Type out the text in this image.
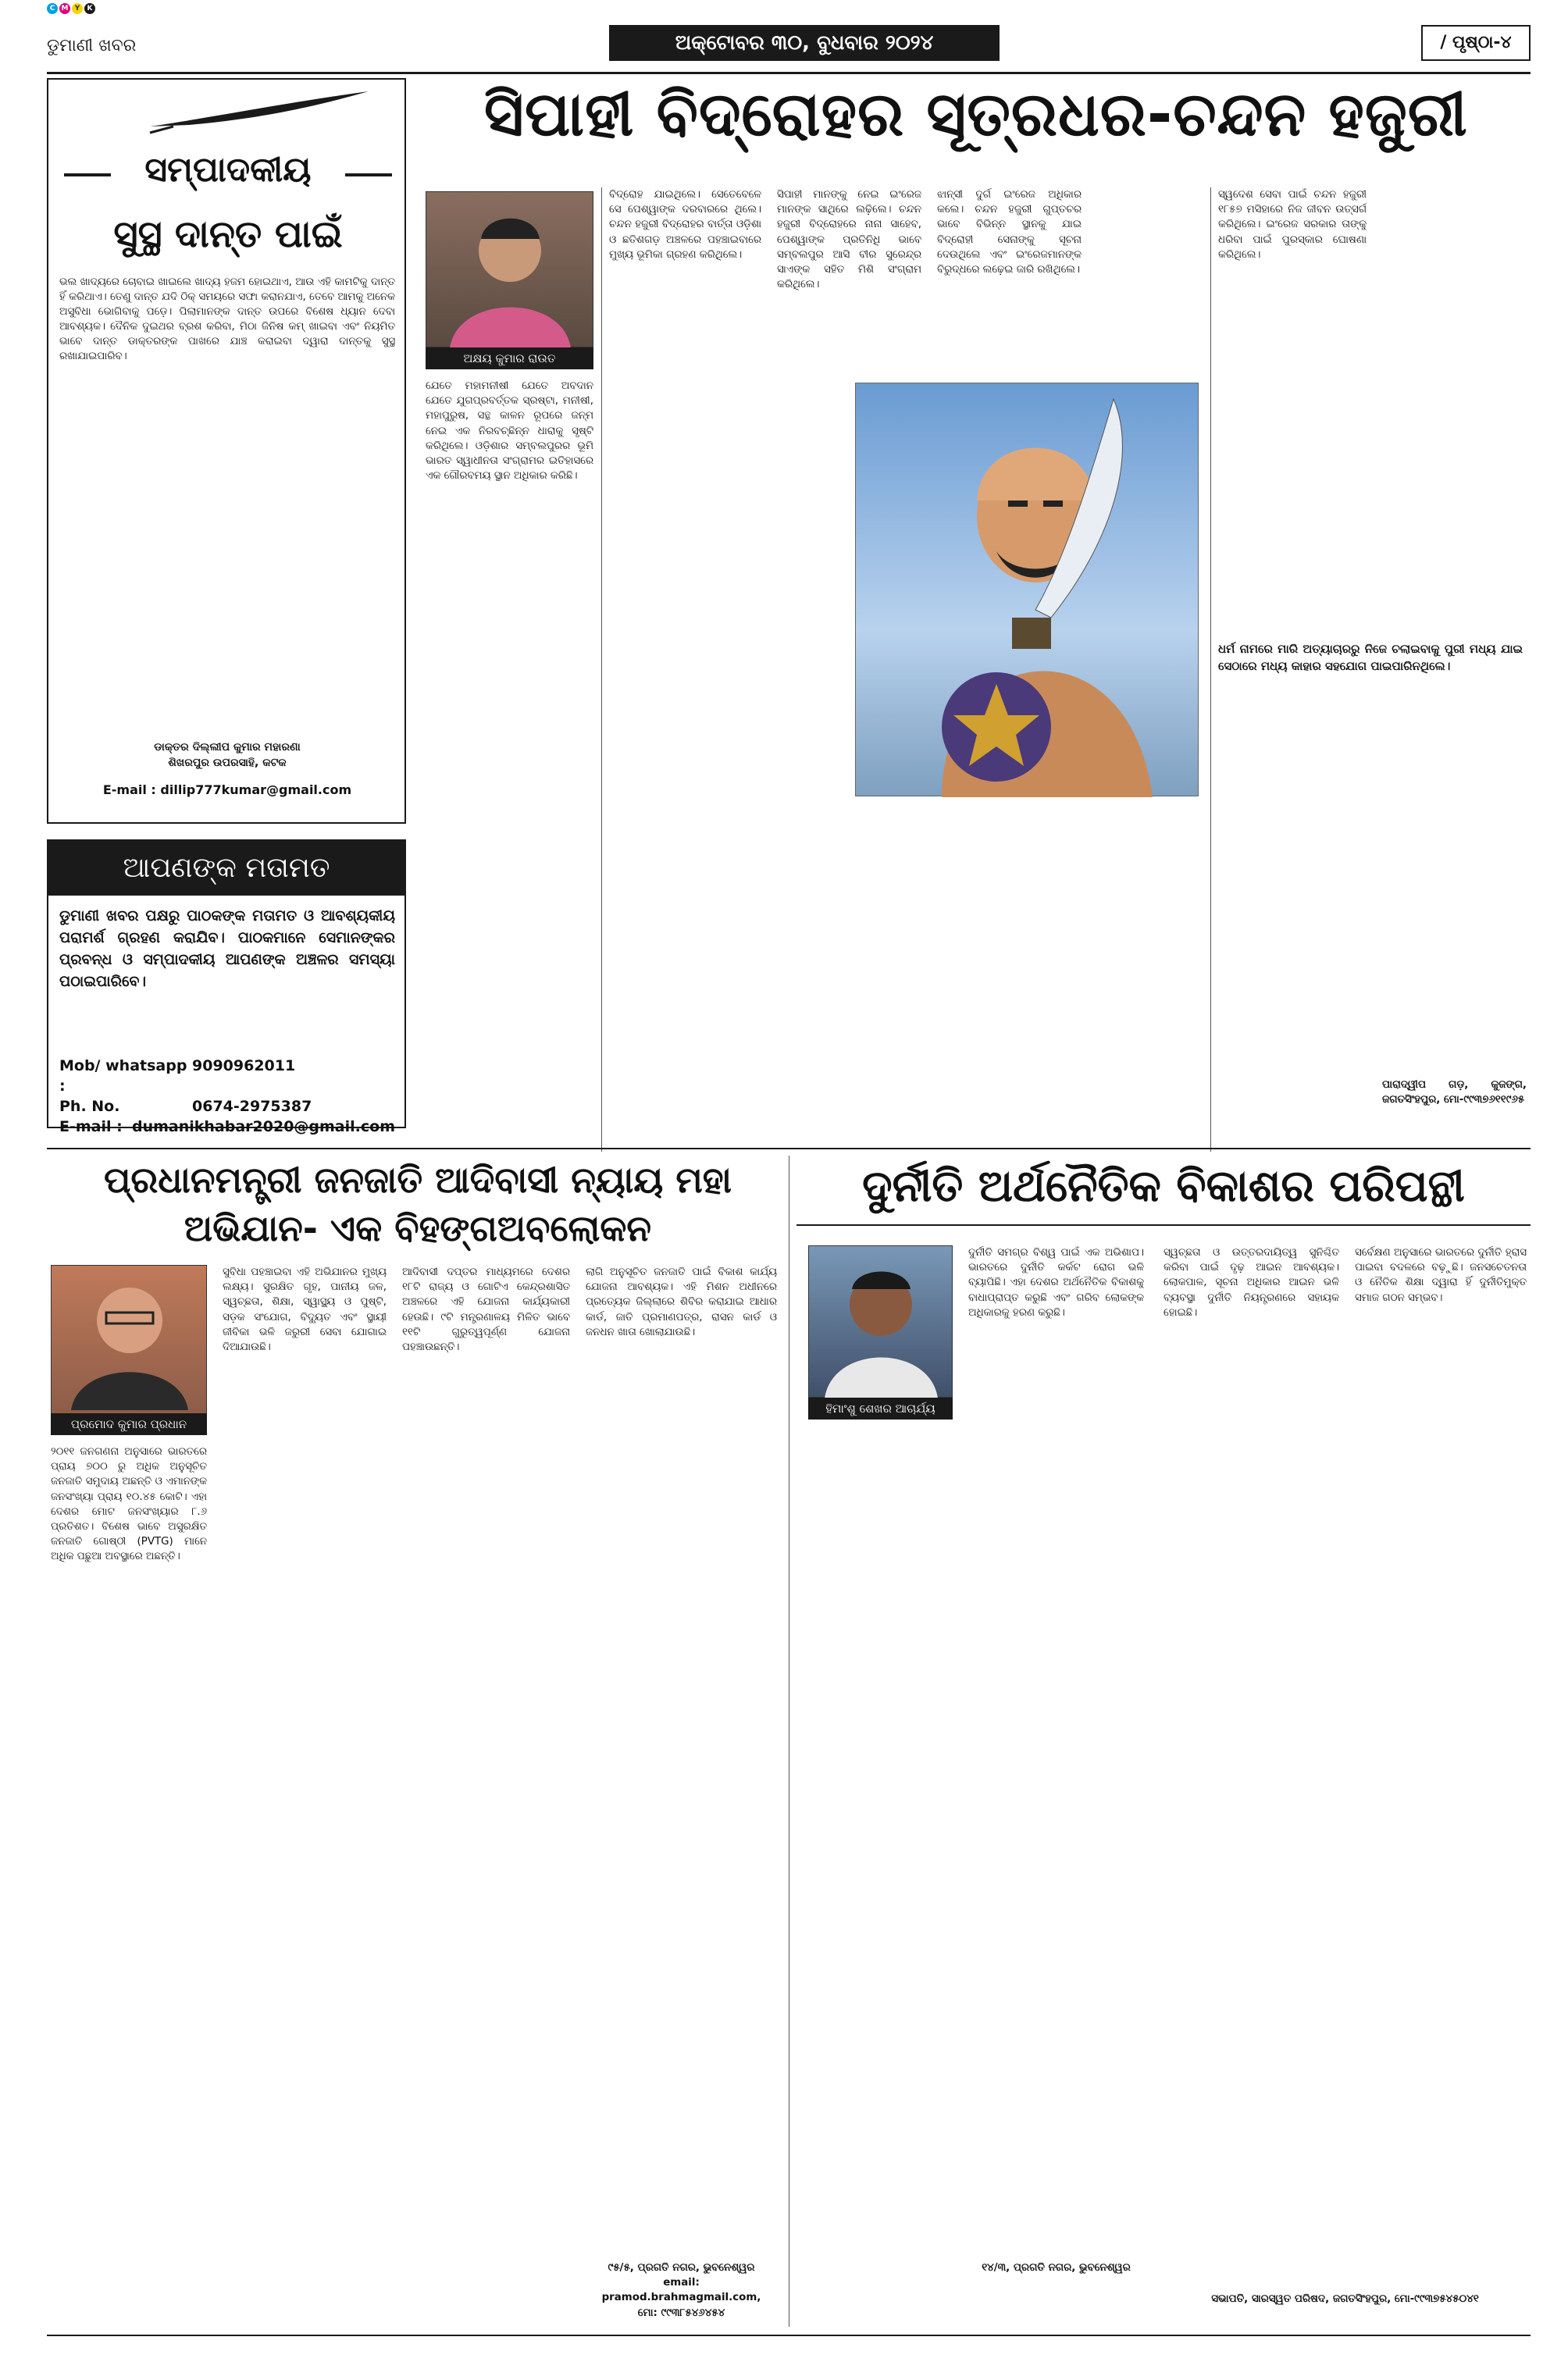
C M Y	K
ଡୁମାଣୀ ଖବର	ଅକ୍ଟୋବର ୩୦, ବୁଧବାର ୨୦୨୪	/ ପୃଷ୍ଠା-୪
ସମ୍ପାଦକୀୟ
ସୁସ୍ଥ ଦାନ୍ତ ପାଇଁ
ଭଲ ଖାଦ୍ୟରେ ଚୋବାଇ ଖାଇଲେ ଖାଦ୍ୟ ହଜମ ହୋଇଥାଏ, ଆଉ ଏହି କାମଟିକୁ ଦାନ୍ତ ହିଁ କରିଥାଏ। ତେଣୁ ଦାନ୍ତ ଯଦି ଠିକ୍ ସମୟରେ ସଫା କରାନଯାଏ, ତେବେ ଆମକୁ ଅନେକ ଅସୁବିଧା ଭୋଗିବାକୁ ପଡ଼େ। ପିଲାମାନଙ୍କ ଦାନ୍ତ ଉପରେ ବିଶେଷ ଧ୍ୟାନ ଦେବା ଆବଶ୍ୟକ। ଦୈନିକ ଦୁଇଥର ବ୍ରଶ କରିବା, ମିଠା ଜିନିଷ କମ୍ ଖାଇବା ଏବଂ ନିୟମିତ ଭାବେ ଦାନ୍ତ ଡାକ୍ତରଙ୍କ ପାଖରେ ଯାଞ୍ଚ କରାଇବା ଦ୍ୱାରା ଦାନ୍ତକୁ ସୁସ୍ଥ ରଖାଯାଇପାରିବ।
ଡାକ୍ତର ଦିଲ୍ଲୀପ କୁମାର ମହାରଣା
ଶିଖରପୁର ଉପରସାହି, କଟକ
E-mail : dillip777kumar@gmail.com
ଆପଣଙ୍କ ମତାମତ
ଡୁମାଣୀ ଖବର ପକ୍ଷରୁ ପାଠକଙ୍କ ମତାମତ ଓ ଆବଶ୍ୟକୀୟ ପରାମର୍ଶ ଗ୍ରହଣ କରାଯିବ। ପାଠକମାନେ ସେମାନଙ୍କର ପ୍ରବନ୍ଧ ଓ ସମ୍ପାଦକୀୟ ଆପଣଙ୍କ ଅଞ୍ଚଳର ସମସ୍ୟା ପଠାଇପାରିବେ।
Mob/ whatsapp :
9090962011
Ph. No.	0674-2975387
E-mail : dumanikhabar2020@gmail.com
ସିପାହୀ ବିଦ୍ରୋହର ସୂତ୍ରଧର-ଚନ୍ଦନ ହଜୁରୀ
ଅକ୍ଷୟ କୁମାର ରାଉତ
ଯେତେ ମହାମନୀଷୀ ଯେତେ ଅବଦାନ ଯେତେ ଯୁଗପ୍ରବର୍ତ୍ତକ ସ୍ରଷ୍ଟା, ମନୀଷୀ, ମହାପୁରୁଷ, ସନ୍ଥ କାଳନ ରୂପରେ ଜନ୍ମ ନେଇ ଏକ ନିରବଚ୍ଛିନ୍ନ ଧାରାକୁ ସୃଷ୍ଟି କରିଥିଲେ। ଓଡ଼ିଶାର ସମ୍ବଲପୁରର ଭୂମି ଭାରତ ସ୍ୱାଧୀନତା ସଂଗ୍ରାମର ଇତିହାସରେ ଏକ ଗୌରବମୟ ସ୍ଥାନ ଅଧିକାର କରିଛି।
ବିଦ୍ରୋହ ଯାଇଥିଲେ। ସେତେବେଳେ ସେ ପେଶ୍ୱାଙ୍କ ଦରବାରରେ ଥିଲେ। ଚନ୍ଦନ ହଜୁରୀ ବିଦ୍ରୋହର ବାର୍ତ୍ତା ଓଡ଼ିଶା ଓ ଛତିଶଗଡ଼ ଅଞ୍ଚଳରେ ପହଞ୍ଚାଇବାରେ ମୁଖ୍ୟ ଭୂମିକା ଗ୍ରହଣ କରିଥିଲେ।
ସିପାହୀ ମାନଙ୍କୁ ନେଇ ଇଂରେଜ ମାନଙ୍କ ସାଥିରେ ଲଢ଼ିଲେ। ଚନ୍ଦନ ହଜୁରୀ ବିଦ୍ରୋହରେ ନାନା ସାହେବ, ପେଶ୍ୱାଙ୍କ ପ୍ରତିନିଧି ଭାବେ ସମ୍ବଲପୁର ଆସି ବୀର ସୁରେନ୍ଦ୍ର ସାଏଙ୍କ ସହିତ ମିଶି ସଂଗ୍ରାମ କରିଥିଲେ।
ଝାନ୍‌ସୀ ଦୁର୍ଗ ଇଂରେଜ ଅଧିକାର କଲେ। ଚନ୍ଦନ ହଜୁରୀ ଗୁପ୍ତଚର ଭାବେ ବିଭିନ୍ନ ସ୍ଥାନକୁ ଯାଇ ବିଦ୍ରୋହୀ ସେନାଙ୍କୁ ସୂଚନା ଦେଉଥିଲେ ଏବଂ ଇଂରେଜମାନଙ୍କ ବିରୁଦ୍ଧରେ ଲଢ଼େଇ ଜାରି ରଖିଥିଲେ।
ସ୍ୱଦେଶ ସେବା ପାଇଁ ଚନ୍ଦନ ହଜୁରୀ ୧୮୫୭ ମସିହାରେ ନିଜ ଜୀବନ ଉତ୍ସର୍ଗ କରିଥିଲେ। ଇଂରେଜ ସରକାର ତାଙ୍କୁ ଧରିବା ପାଇଁ ପୁରସ୍କାର ଘୋଷଣା କରିଥିଲେ।
ପାରାଦ୍ୱୀପ ଗଡ଼, କୁଜଙ୍ଗ, ଜଗତସିଂହପୁର, ମୋ-୯୯୩୭୬୧୧୯୬୫
ଧର୍ମ ନାମରେ ମାରି ଅତ୍ୟାଚାରରୁ ନିଜେ ଚଲାଇବାକୁ ପୁରୀ ମଧ୍ୟ ଯାଇ ସେଠାରେ ମଧ୍ୟ କାହାର ସହଯୋଗ ପାଇପାରିନଥିଲେ।
ପ୍ରଧାନମନ୍ତ୍ରୀ ଜନଜାତି ଆଦିବାସୀ ନ୍ୟାୟ ମହା ଅଭିଯାନ- ଏକ ବିହଙ୍ଗଅବଲୋକନ
ପ୍ରମୋଦ କୁମାର ପ୍ରଧାନ
୨୦୧୧ ଜନଗଣନା ଅନୁସାରେ ଭାରତରେ ପ୍ରାୟ ୭୦୦ ରୁ ଅଧିକ ଅନୁସୂଚିତ ଜନଜାତି ସମୁଦାୟ ଅଛନ୍ତି ଓ ଏମାନଙ୍କ ଜନସଂଖ୍ୟା ପ୍ରାୟ ୧୦.୪୫ କୋଟି। ଏହା ଦେଶର ମୋଟ ଜନସଂଖ୍ୟାର ୮.୬ ପ୍ରତିଶତ। ବିଶେଷ ଭାବେ ଅସୁରକ୍ଷିତ ଜନଜାତି ଗୋଷ୍ଠୀ (PVTG) ମାନେ ଅଧିକ ପଛୁଆ ଅବସ୍ଥାରେ ଅଛନ୍ତି।
ସୁବିଧା ପହଞ୍ଚାଇବା ଏହି ଅଭିଯାନର ମୁଖ୍ୟ ଲକ୍ଷ୍ୟ। ସୁରକ୍ଷିତ ଗୃହ, ପାନୀୟ ଜଳ, ସ୍ୱଚ୍ଛତା, ଶିକ୍ଷା, ସ୍ୱାସ୍ଥ୍ୟ ଓ ପୁଷ୍ଟି, ସଡ଼କ ସଂଯୋଗ, ବିଦ୍ୟୁତ ଏବଂ ସ୍ଥାୟୀ ଜୀବିକା ଭଳି ଜରୁରୀ ସେବା ଯୋଗାଇ ଦିଆଯାଉଛି।
ଆଦିବାସୀ ଦପ୍ତର ମାଧ୍ୟମରେ ଦେଶର ୧୮ଟି ରାଜ୍ୟ ଓ ଗୋଟିଏ କେନ୍ଦ୍ରଶାସିତ ଅଞ୍ଚଳରେ ଏହି ଯୋଜନା କାର୍ଯ୍ୟକାରୀ ହେଉଛି। ୯ଟି ମନ୍ତ୍ରଣାଳୟ ମିଳିତ ଭାବେ ୧୧ଟି ଗୁରୁତ୍ୱପୂର୍ଣ୍ଣ ଯୋଜନା ପହଞ୍ଚାଉଛନ୍ତି।
ଲାଗି ଅନୁସୂଚିତ ଜନଜାତି ପାଇଁ ବିକାଶ କାର୍ଯ୍ୟ ଯୋଜନା ଆବଶ୍ୟକ। ଏହି ମିଶନ ଅଧୀନରେ ପ୍ରତ୍ୟେକ ଜିଲ୍ଲାରେ ଶିବିର କରାଯାଇ ଆଧାର କାର୍ଡ, ଜାତି ପ୍ରମାଣପତ୍ର, ରାସନ କାର୍ଡ ଓ ଜନଧନ ଖାତା ଖୋଲାଯାଉଛି।
୯୫/୫, ପ୍ରଗତି ନଗର, ଭୁବନେଶ୍ୱର
email: pramod.brahmagmail.com,
ମୋ: ୯୯୩୮୫୪୬୪୫୪
ଦୁର୍ନୀତି ଅର୍ଥନୈତିକ ବିକାଶର ପରିପନ୍ଥୀ
ହିମାଂଶୁ ଶେଖର ଆଚାର୍ଯ୍ୟ
ଦୁର୍ନୀତି ସମଗ୍ର ବିଶ୍ୱ ପାଇଁ ଏକ ଅଭିଶାପ। ଭାରତରେ ଦୁର୍ନୀତି କର୍କଟ ରୋଗ ଭଳି ବ୍ୟାପିଛି। ଏହା ଦେଶର ଅର୍ଥନୈତିକ ବିକାଶକୁ ବାଧାପ୍ରାପ୍ତ କରୁଛି ଏବଂ ଗରିବ ଲୋକଙ୍କ ଅଧିକାରକୁ ହରଣ କରୁଛି।
ସ୍ୱଚ୍ଛତା ଓ ଉତ୍ତରଦାୟିତ୍ୱ ସୁନିଶ୍ଚିତ କରିବା ପାଇଁ ଦୃଢ଼ ଆଇନ ଆବଶ୍ୟକ। ଲୋକପାଳ, ସୂଚନା ଅଧିକାର ଆଇନ ଭଳି ବ୍ୟବସ୍ଥା ଦୁର୍ନୀତି ନିୟନ୍ତ୍ରଣରେ ସହାୟକ ହୋଇଛି।
ସର୍ବେକ୍ଷଣ ଅନୁସାରେ ଭାରତରେ ଦୁର୍ନୀତି ହ୍ରାସ ପାଇବା ବଦଳରେ ବଢ଼ୁଛି। ଜନସଚେତନତା ଓ ନୈତିକ ଶିକ୍ଷା ଦ୍ୱାରା ହିଁ ଦୁର୍ନୀତିମୁକ୍ତ ସମାଜ ଗଠନ ସମ୍ଭବ।
୧୪/୩, ପ୍ରଗତି ନଗର, ଭୁବନେଶ୍ୱର
ସଭାପତି, ସାରସ୍ୱତ ପରିଷଦ, ଜଗତସିଂହପୁର, ମୋ-୯୯୩୭୫୪୫୦୪୧
